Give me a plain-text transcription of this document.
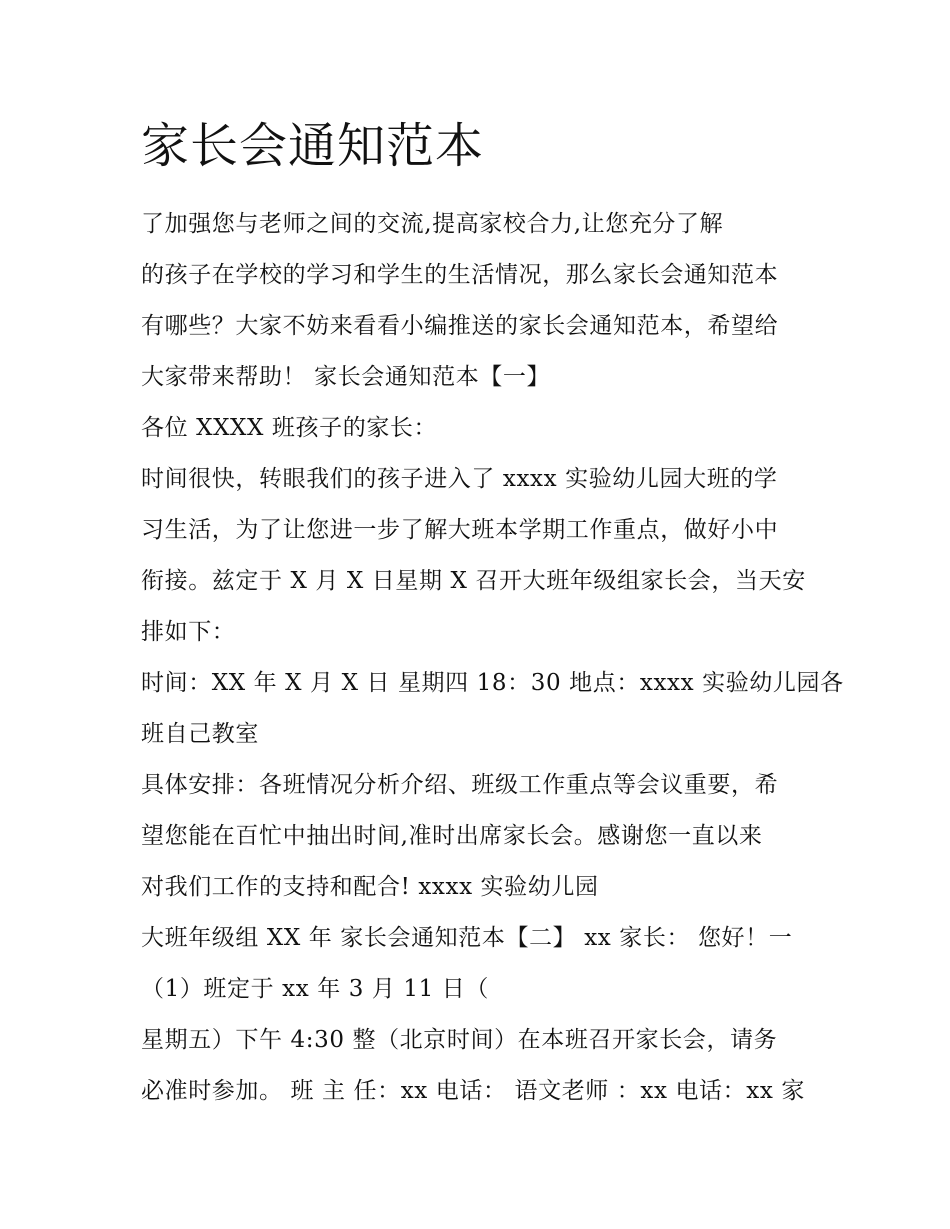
家长会通知范本
了加强您与老师之间的交流,提高家校合力,让您充分了解
的孩子在学校的学习和学生的生活情况，那么家长会通知范本
有哪些？大家不妨来看看小编推送的家长会通知范本，希望给
大家带来帮助！ 家长会通知范本【一】
各位 XXXX 班孩子的家长：
时间很快，转眼我们的孩子进入了 xxxx 实验幼儿园大班的学
习生活，为了让您进一步了解大班本学期工作重点，做好小中
衔接。兹定于 X 月 X 日星期 X 召开大班年级组家长会，当天安
排如下：
时间：XX 年 X 月 X 日 星期四 18：30 地点：xxxx 实验幼儿园各
班自己教室
具体安排：各班情况分析介绍、班级工作重点等会议重要，希
望您能在百忙中抽出时间,准时出席家长会。感谢您一直以来
对我们工作的支持和配合! xxxx 实验幼儿园
大班年级组 XX 年 家长会通知范本【二】 xx 家长： 您好！一
（1）班定于 xx 年 3 月 11 日（
星期五）下午 4:30 整（北京时间）在本班召开家长会，请务
必准时参加。 班 主 任：xx 电话： 语文老师 ：xx 电话：xx 家
